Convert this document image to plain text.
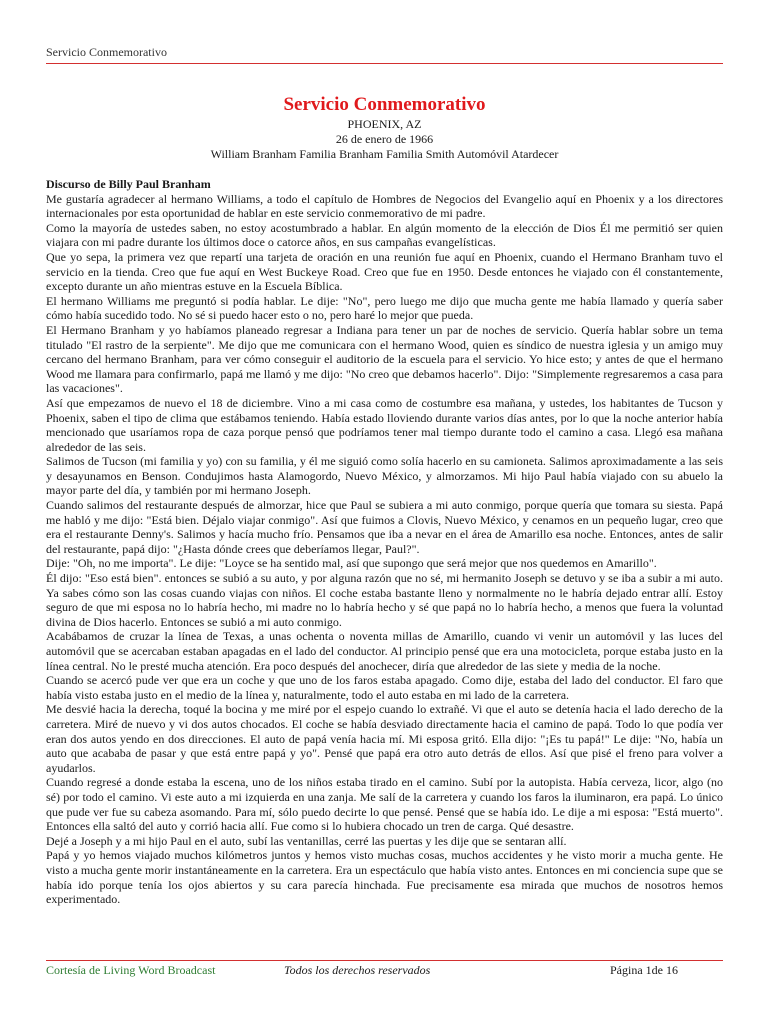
Servicio Conmemorativo
Servicio Conmemorativo
PHOENIX, AZ
26 de enero de 1966
William Branham Familia Branham Familia Smith Automóvil Atardecer
Discurso de Billy Paul Branham

Me gustaría agradecer al hermano Williams, a todo el capítulo de Hombres de Negocios del Evangelio aquí en Phoenix y a los directores internacionales por esta oportunidad de hablar en este servicio conmemorativo de mi padre.

Como la mayoría de ustedes saben, no estoy acostumbrado a hablar. En algún momento de la elección de Dios Él me permitió ser quien viajara con mi padre durante los últimos doce o catorce años, en sus campañas evangelísticas.

Que yo sepa, la primera vez que repartí una tarjeta de oración en una reunión fue aquí en Phoenix, cuando el Hermano Branham tuvo el servicio en la tienda. Creo que fue aquí en West Buckeye Road. Creo que fue en 1950. Desde entonces he viajado con él constantemente, excepto durante un año mientras estuve en la Escuela Bíblica.

El hermano Williams me preguntó si podía hablar. Le dije: "No", pero luego me dijo que mucha gente me había llamado y quería saber cómo había sucedido todo. No sé si puedo hacer esto o no, pero haré lo mejor que pueda.

El Hermano Branham y yo habíamos planeado regresar a Indiana para tener un par de noches de servicio. Quería hablar sobre un tema titulado "El rastro de la serpiente". Me dijo que me comunicara con el hermano Wood, quien es síndico de nuestra iglesia y un amigo muy cercano del hermano Branham, para ver cómo conseguir el auditorio de la escuela para el servicio. Yo hice esto; y antes de que el hermano Wood me llamara para confirmarlo, papá me llamó y me dijo: "No creo que debamos hacerlo". Dijo: "Simplemente regresaremos a casa para las vacaciones".

Así que empezamos de nuevo el 18 de diciembre. Vino a mi casa como de costumbre esa mañana, y ustedes, los habitantes de Tucson y Phoenix, saben el tipo de clima que estábamos teniendo. Había estado lloviendo durante varios días antes, por lo que la noche anterior había mencionado que usaríamos ropa de caza porque pensó que podríamos tener mal tiempo durante todo el camino a casa. Llegó esa mañana alrededor de las seis.

Salimos de Tucson (mi familia y yo) con su familia, y él me siguió como solía hacerlo en su camioneta. Salimos aproximadamente a las seis y desayunamos en Benson. Condujimos hasta Alamogordo, Nuevo México, y almorzamos. Mi hijo Paul había viajado con su abuelo la mayor parte del día, y también por mi hermano Joseph.

Cuando salimos del restaurante después de almorzar, hice que Paul se subiera a mi auto conmigo, porque quería que tomara su siesta. Papá me habló y me dijo: "Está bien. Déjalo viajar conmigo". Así que fuimos a Clovis, Nuevo México, y cenamos en un pequeño lugar, creo que era el restaurante Denny's. Salimos y hacía mucho frío. Pensamos que iba a nevar en el área de Amarillo esa noche. Entonces, antes de salir del restaurante, papá dijo: "¿Hasta dónde crees que deberíamos llegar, Paul?".

Dije: "Oh, no me importa". Le dije: "Loyce se ha sentido mal, así que supongo que será mejor que nos quedemos en Amarillo".

Él dijo: "Eso está bien". entonces se subió a su auto, y por alguna razón que no sé, mi hermanito Joseph se detuvo y se iba a subir a mi auto. Ya sabes cómo son las cosas cuando viajas con niños. El coche estaba bastante lleno y normalmente no le habría dejado entrar allí. Estoy seguro de que mi esposa no lo habría hecho, mi madre no lo habría hecho y sé que papá no lo habría hecho, a menos que fuera la voluntad divina de Dios hacerlo. Entonces se subió a mi auto conmigo.

Acabábamos de cruzar la línea de Texas, a unas ochenta o noventa millas de Amarillo, cuando vi venir un automóvil y las luces del automóvil que se acercaban estaban apagadas en el lado del conductor. Al principio pensé que era una motocicleta, porque estaba justo en la línea central. No le presté mucha atención. Era poco después del anochecer, diría que alrededor de las siete y media de la noche.

Cuando se acercó pude ver que era un coche y que uno de los faros estaba apagado. Como dije, estaba del lado del conductor. El faro que había visto estaba justo en el medio de la línea y, naturalmente, todo el auto estaba en mi lado de la carretera.

Me desvié hacia la derecha, toqué la bocina y me miré por el espejo cuando lo extrañé. Vi que el auto se detenía hacia el lado derecho de la carretera. Miré de nuevo y vi dos autos chocados. El coche se había desviado directamente hacia el camino de papá. Todo lo que podía ver eran dos autos yendo en dos direcciones. El auto de papá venía hacia mí. Mi esposa gritó. Ella dijo: "¡Es tu papá!" Le dije: "No, había un auto que acababa de pasar y que está entre papá y yo". Pensé que papá era otro auto detrás de ellos. Así que pisé el freno para volver a ayudarlos.

Cuando regresé a donde estaba la escena, uno de los niños estaba tirado en el camino. Subí por la autopista. Había cerveza, licor, algo (no sé) por todo el camino. Vi este auto a mi izquierda en una zanja. Me salí de la carretera y cuando los faros la iluminaron, era papá. Lo único que pude ver fue su cabeza asomando. Para mí, sólo puedo decirte lo que pensé. Pensé que se había ido. Le dije a mi esposa: "Está muerto". Entonces ella saltó del auto y corrió hacia allí. Fue como si lo hubiera chocado un tren de carga. Qué desastre.

Dejé a Joseph y a mi hijo Paul en el auto, subí las ventanillas, cerré las puertas y les dije que se sentaran allí.

Papá y yo hemos viajado muchos kilómetros juntos y hemos visto muchas cosas, muchos accidentes y he visto morir a mucha gente. He visto a mucha gente morir instantáneamente en la carretera. Era un espectáculo que había visto antes. Entonces en mi conciencia supe que se había ido porque tenía los ojos abiertos y su cara parecía hinchada. Fue precisamente esa mirada que muchos de nosotros hemos experimentado.

Cortesía de Living Word Broadcast	Todos los derechos reservados	Página 1de 16
